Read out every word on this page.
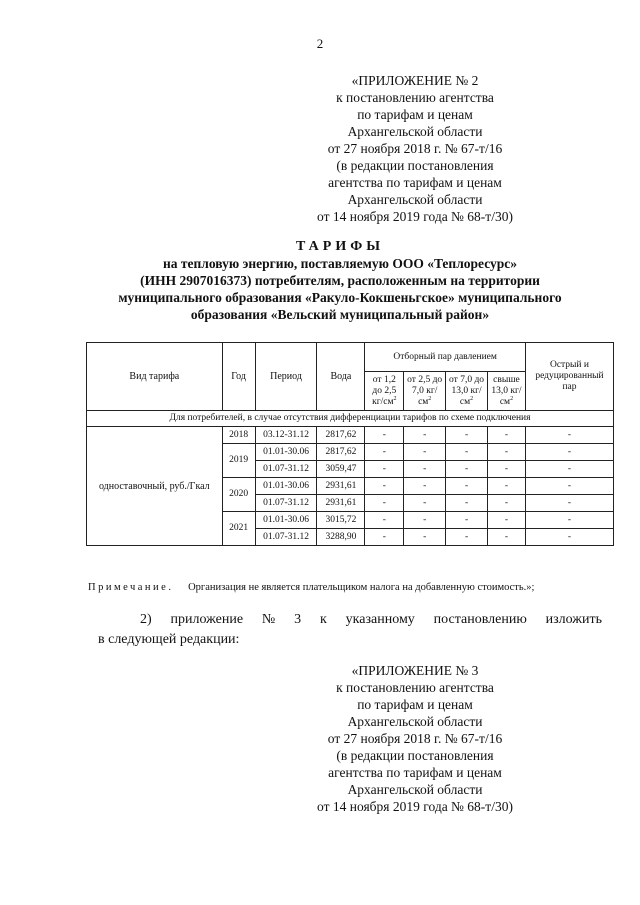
2
«ПРИЛОЖЕНИЕ № 2
к постановлению агентства
по тарифам и ценам
Архангельской области
от 27 ноября 2018 г. № 67-т/16
(в редакции постановления
агентства по тарифам и ценам
Архангельской области
от 14 ноября 2019 года № 68-т/30)
ТАРИФЫ
на тепловую энергию, поставляемую ООО «Теплоресурс»
(ИНН 2907016373) потребителям, расположенным на территории
муниципального образования «Ракуло-Кокшеньгское» муниципального
образования «Вельский муниципальный район»
Вид тарифа	Год	Период	Вода	Отборный пар давлением				Острый и редуцированный пар
				от 1,2 до 2,5 $кг/см^2$	от 2,5 до 7,0 $кг/см^2$	от 7,0 до 13,0 $кг/см^2$	свыше 13,0 $кг/см^2$
Для потребителей, в случае отсутствия дифференциации тарифов по схеме подключения								
одноставочный, руб./Гкал	2018	03.12-31.12	2817,62	-	-	-	-	-
	2019	01.01-30.06	2817,62	-	-	-	-	-
		01.07-31.12	3059,47	-	-	-	-	-
	2020	01.01-30.06	2931,61	-	-	-	-	-
		01.07-31.12	2931,61	-	-	-	-	-
	2021	01.01-30.06	3015,72	-	-	-	-	-
		01.07-31.12	3288,90	-	-	-	-	-
Примечание. Организация не является плательщиком налога на добавленную стоимость.»;
2) приложение № 3 к указанному постановлению изложить
в следующей редакции:
«ПРИЛОЖЕНИЕ № 3
к постановлению агентства
по тарифам и ценам
Архангельской области
от 27 ноября 2018 г. № 67-т/16
(в редакции постановления
агентства по тарифам и ценам
Архангельской области
от 14 ноября 2019 года № 68-т/30)
